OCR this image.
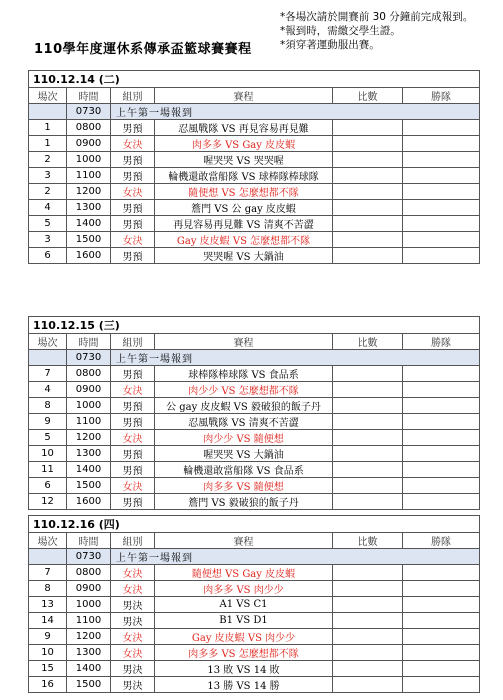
110學年度運休系傳承盃籃球賽賽程
*各場次請於開賽前 30 分鐘前完成報到。
*報到時，需繳交學生證。
*須穿著運動服出賽。
110.12.14 (二)					
場次	時間	組別	賽程	比數	勝隊
	0730	上午第一場報到			
1	0800	男預	忍風戰隊 VS 再見容易再見難		
1	0900	女決	肉多多 VS Gay 皮皮蝦		
2	1000	男預	喔哭哭 VS 哭哭喔		
3	1100	男預	輪機還敢當船隊 VS 球棒隊棒球隊		
2	1200	女決	隨便想 VS 怎麼想都不隊		
4	1300	男預	簷門 VS 公 gay 皮皮蝦		
5	1400	男預	再見容易再見難 VS 清爽不苦澀		
3	1500	女決	Gay 皮皮蝦 VS 怎麼想都不隊		
6	1600	男預	哭哭喔 VS 大鍋油		
110.12.15 (三)					
場次	時間	組別	賽程	比數	勝隊
	0730	上午第一場報到			
7	0800	男預	球棒隊棒球隊 VS 食品系		
4	0900	女決	肉少少 VS 怎麼想都不隊		
8	1000	男預	公 gay 皮皮蝦 VS 毅破狼的飯子丹		
9	1100	男預	忍風戰隊 VS 清爽不苦澀		
5	1200	女決	肉少少 VS 隨便想		
10	1300	男預	喔哭哭 VS 大鍋油		
11	1400	男預	輪機還敢當船隊 VS 食品系		
6	1500	女決	肉多多 VS 隨便想		
12	1600	男預	簷門 VS 毅破狼的飯子丹		
110.12.16 (四)					
場次	時間	組別	賽程	比數	勝隊
	0730	上午第一場報到			
7	0800	女決	隨便想 VS Gay 皮皮蝦		
8	0900	女決	肉多多 VS 肉少少		
13	1000	男決	A1 VS C1		
14	1100	男決	B1 VS D1		
9	1200	女決	Gay 皮皮蝦 VS 肉少少		
10	1300	女決	肉多多 VS 怎麼想都不隊		
15	1400	男決	13 敗 VS 14 敗		
16	1500	男決	13 勝 VS 14 勝		
